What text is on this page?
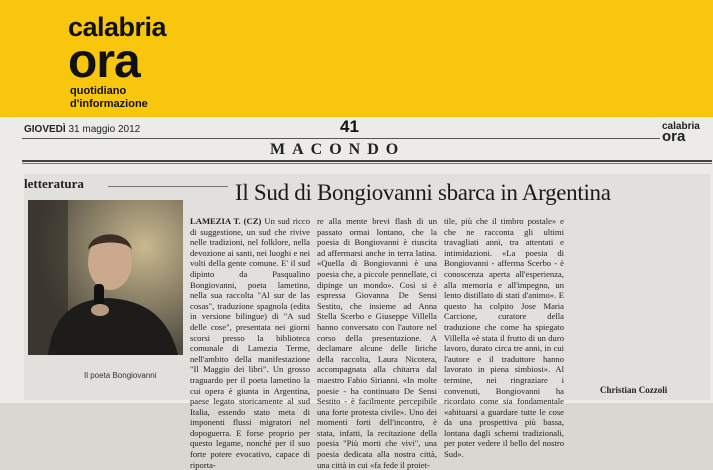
calabria
ora
quotidiano d'informazione
GIOVEDÌ 31 maggio 2012	41	calabria
ora
MACONDO
letteratura	Il Sud di Bongiovanni sbarca in Argentina
Il poeta Bongiovanni
LAMEZIA T. (CZ) Un sud ricco di suggestione, un sud che rivive nelle tradizioni, nel folklore, nella devozione ai santi, nei luoghi e nei volti della gente comune. E' il sud dipinto da Pasqualino Bongiovanni, poeta lametino, nella sua raccolta "Al sur de las cosas", traduzione spagnola (edita in versione bilingue) di "A sud delle cose", presentata nei giorni scorsi presso la biblioteca comunale di Lamezia Terme, nell'ambito della manifestazione "Il Maggio dei libri". Un grosso traguardo per il poeta lametino la cui opera è giunta in Argentina, paese legato storicamente al sud Italia, essendo stato meta di imponenti flussi migratori nel dopoguerra. E forse proprio per questo legame, nonché per il suo forte potere evocativo, capace di riporta-
re alla mente brevi flash di un passato ormai lontano, che la poesia di Bongiovanni è riuscita ad affermarsi anche in terra latina. «Quella di Bongiovanni è una poesia che, a piccole pennellate, ci dipinge un mondo». Così si è espressa Giovanna De Sensi Sestito, che insieme ad Anna Stella Scerbo e Giuseppe Villella hanno conversato con l'autore nel corso della presentazione. A declamare alcune delle liriche della raccolta, Laura Nicotera, accompagnata alla chitarra dal maestro Fabio Sirianni. «In molte poesie - ha continuato De Sensi Sestito - è facilmente percepibile una forte protesta civile». Uno dei momenti forti dell'incontro, è stata, infatti, la recitazione della poesia "Più morti che vivi", una poesia dedicata alla nostra città, una città in cui «fa fede il proiet-
tile, più che il timbro postale» e che ne racconta gli ultimi travagliati anni, tra attentati e intimidazioni. «La poesia di Bongiovanni - afferma Scerbo - è conoscenza aperta all'esperienza, alla memoria e all'impegno, un lento distillato di stati d'animo». E questo ha colpito Jose Maria Carcione, curatore della traduzione che come ha spiegato Villella «è stata il frutto di un duro lavoro, durato circa tre anni, in cui l'autore e il traduttore hanno lavorato in piena simbiosi». Al termine, nei ringraziare i convenuti, Bongiovanni ha ricordato come sia fondamentale «abituarsi a guardare tutte le cose da una prospettiva più bassa, lontana dagli schemi tradizionali, per poter vedere il bello del nostro Sud».
Christian Cozzoli
